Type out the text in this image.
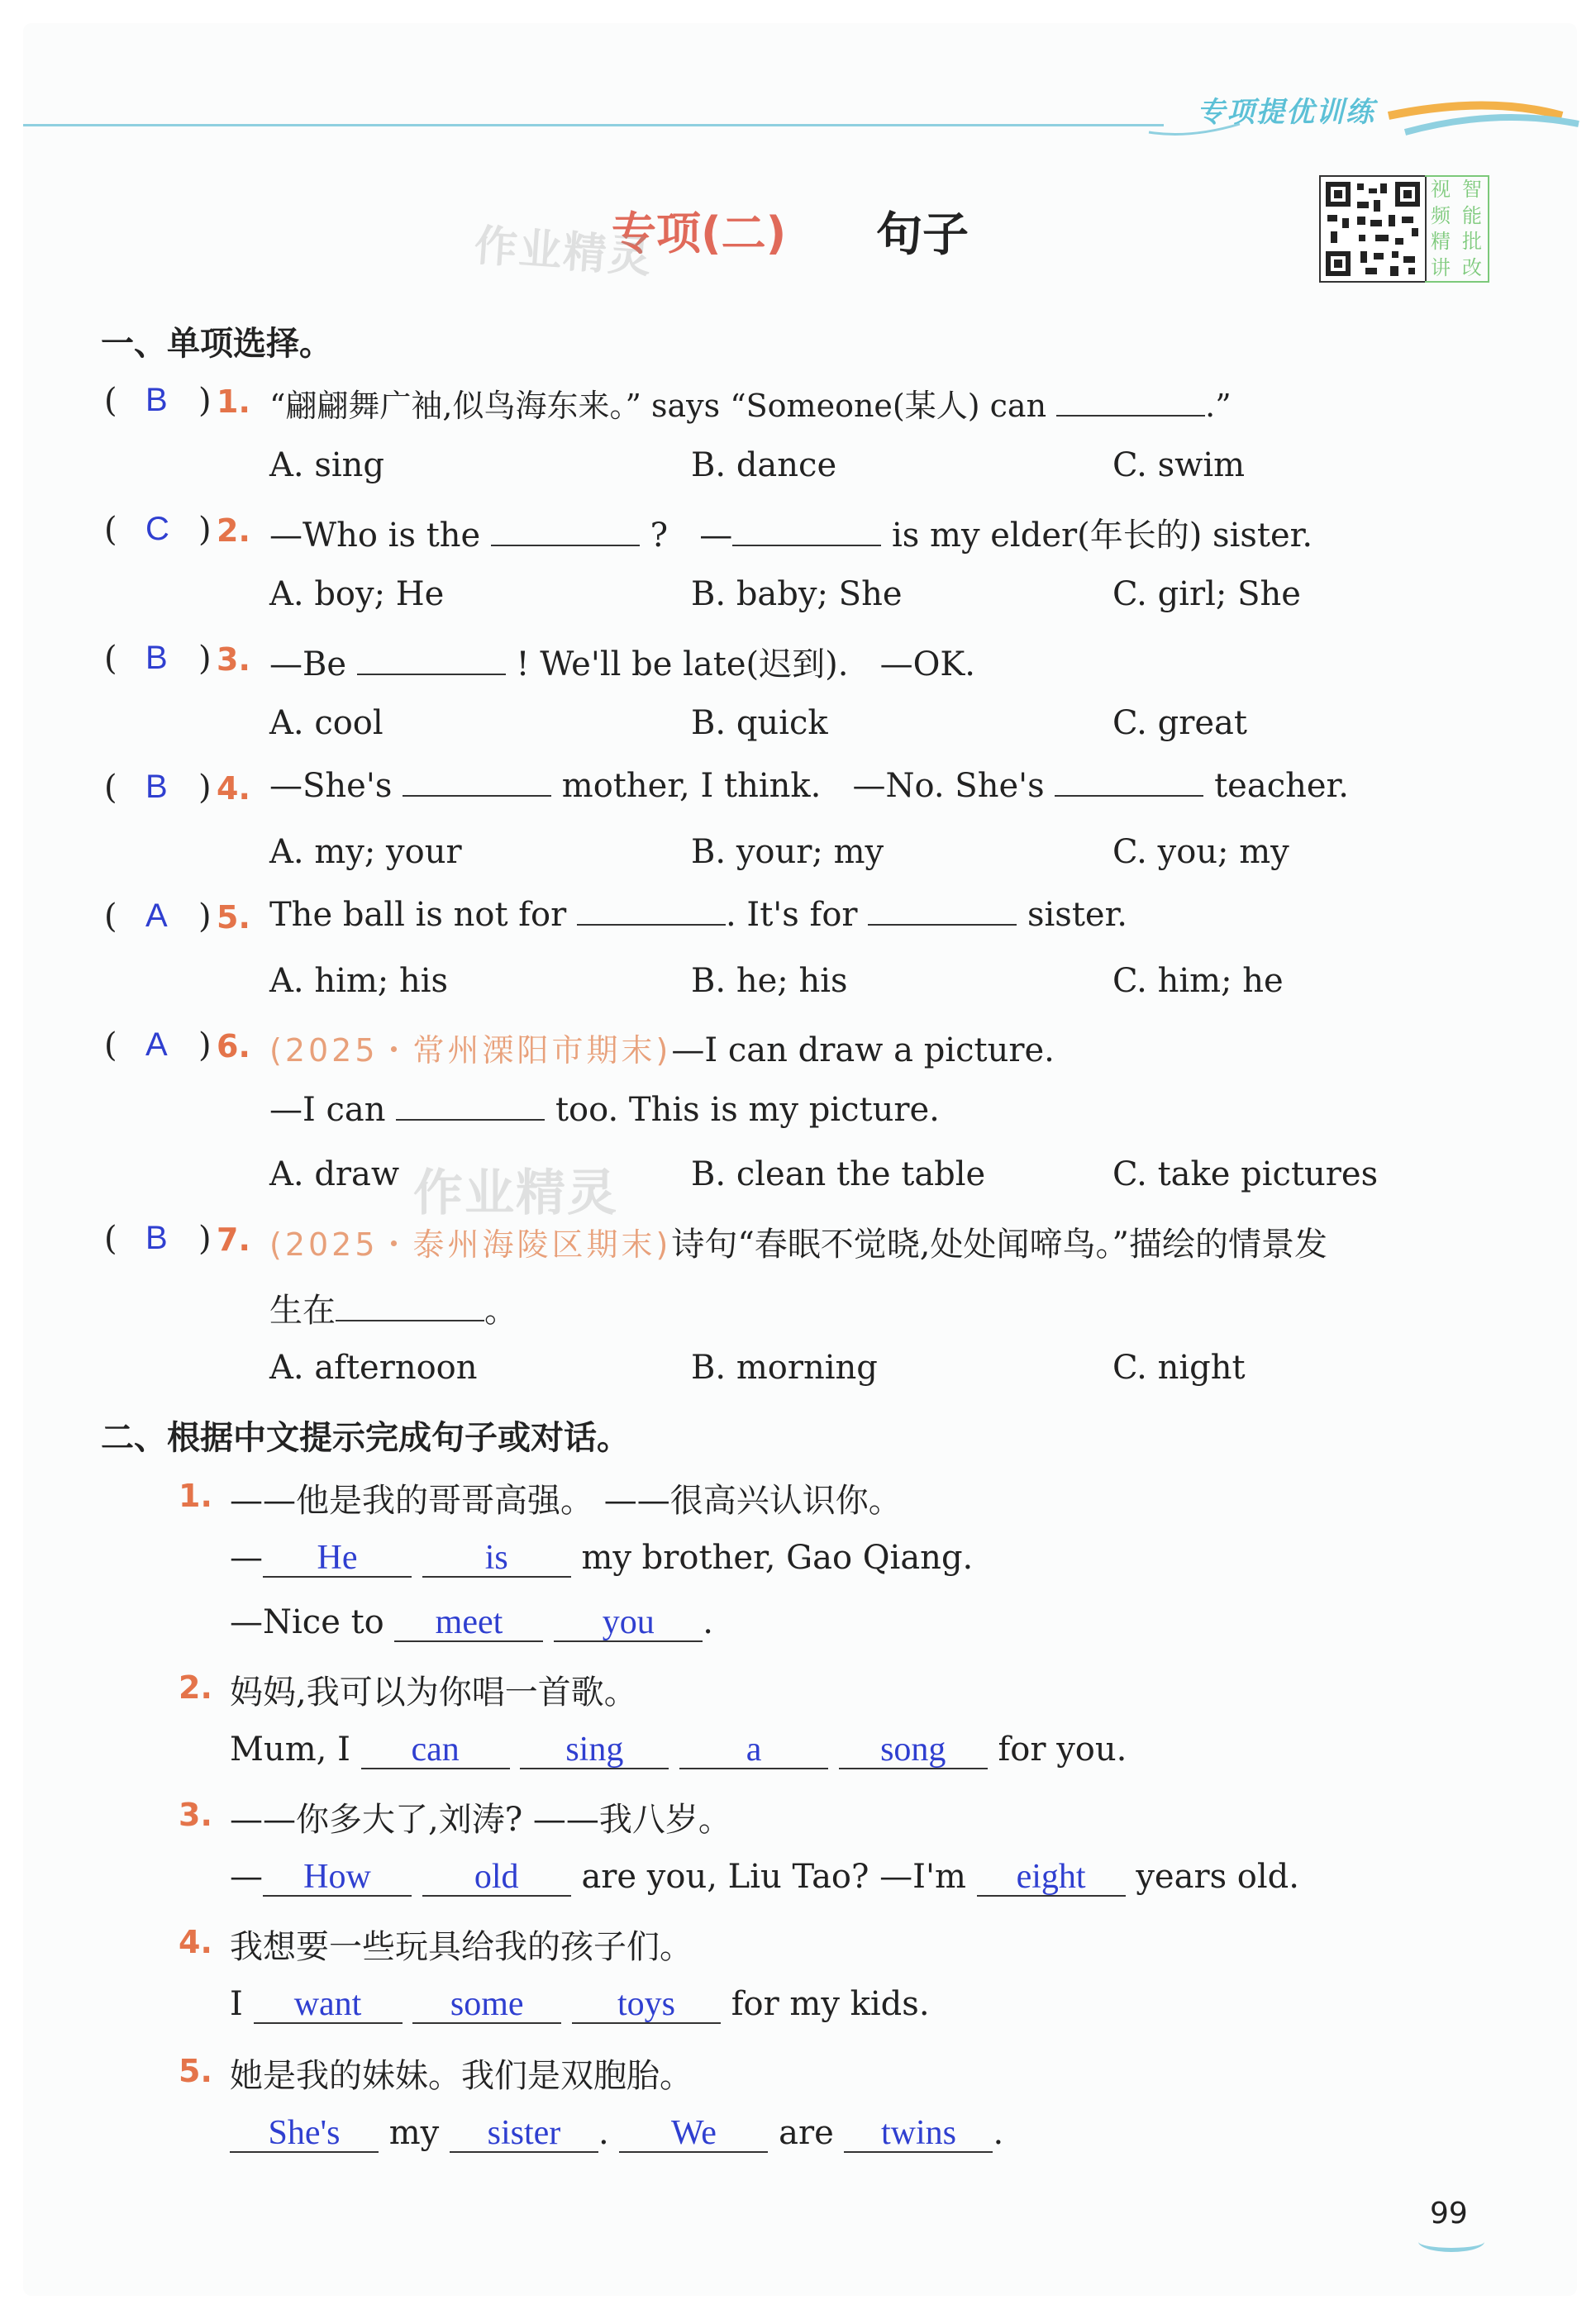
专项提优训练
专项(二) 句子
作业精灵
视 智
频 能
精 批
讲 改
一、单项选择。
( B ) 1. “翩翩舞广袖,似鸟海东来。” says “Someone(某人) can	.”
A. sing	B. dance	C. swim
( C ) 2. —Who is the	? —	is my elder(年长的) sister.
A. boy; He	B. baby; She	C. girl; She
( B ) 3. —Be	! We'll be late(迟到). —OK.
A. cool	B. quick	C. great
( B ) 4. —She's	mother, I think. —No. She's	teacher.
A. my; your	B. your; my	C. you; my
( A ) 5. The ball is not for	. It's for	sister.
A. him; his	B. he; his	C. him; he
( A ) 6. (2025・常州溧阳市期末)—I can draw a picture.
—I can	too. This is my picture.
作业精灵
A. draw	B. clean the table	C. take pictures
( B ) 7. (2025・泰州海陵区期末)诗句“春眠不觉晓,处处闻啼鸟。”描绘的情景发
生在	。
A. afternoon	B. morning	C. night
二、根据中文提示完成句子或对话。
1. ——他是我的哥哥高强。 ——很高兴认识你。
— He	is my brother, Gao Qiang.
—Nice to meet	you .
2. 妈妈,我可以为你唱一首歌。
Mum, I can	sing	a	song for you.
3. ——你多大了,刘涛? ——我八岁。
— How	old are you, Liu Tao? —I'm eight years old.
4. 我想要一些玩具给我的孩子们。
I want	some	toys for my kids.
5. 她是我的妹妹。我们是双胞胎。
She's my sister . We are twins .
99
